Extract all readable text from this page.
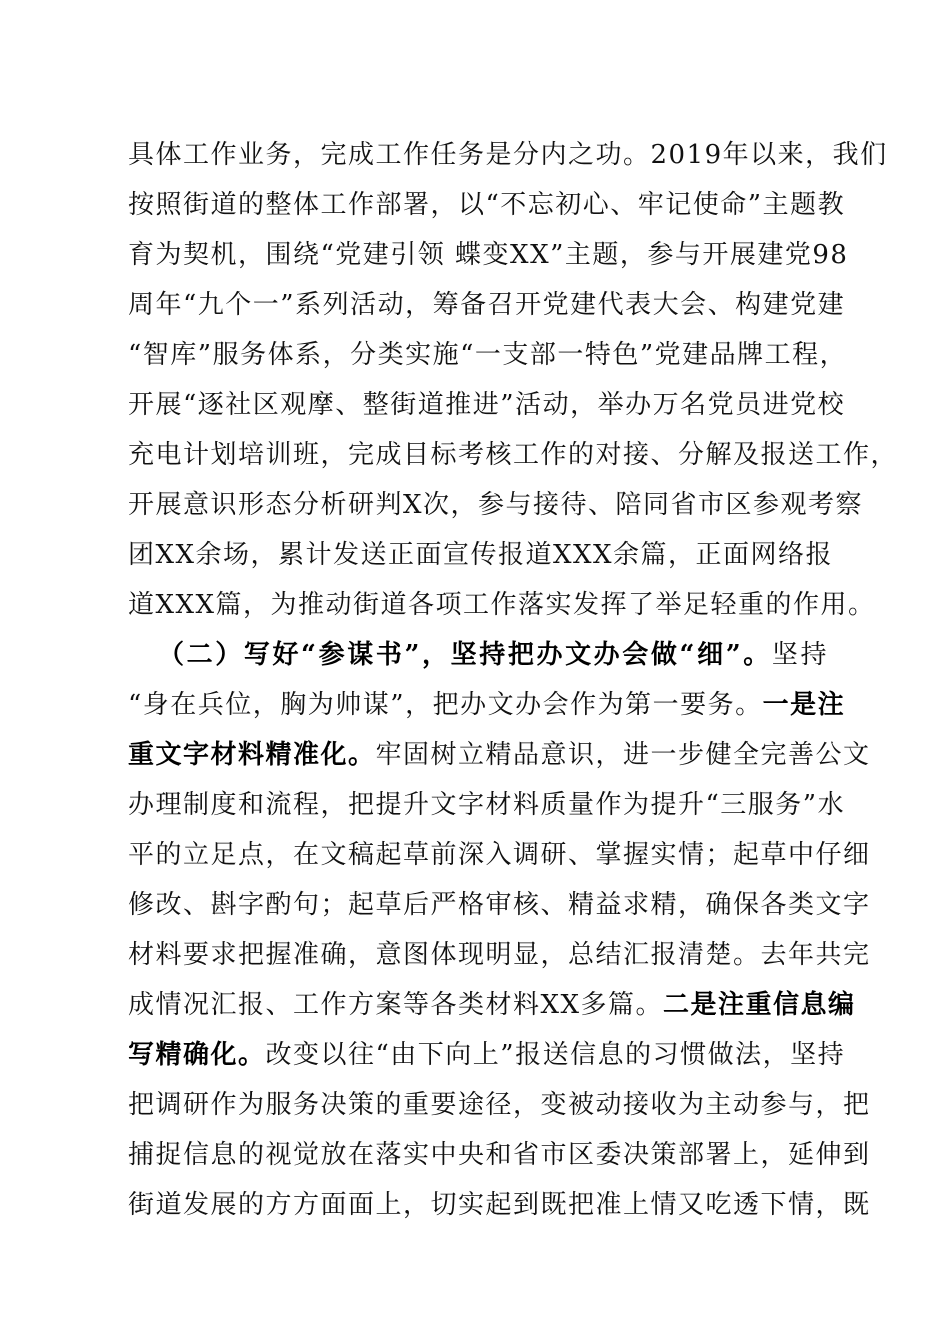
具体工作业务，完成工作任务是分内之功。2019年以来，我们
按照街道的整体工作部署，以“不忘初心、牢记使命”主题教
育为契机，围绕“党建引领 蝶变XX”主题，参与开展建党98
周年“九个一”系列活动，筹备召开党建代表大会、构建党建
“智库”服务体系，分类实施“一支部一特色”党建品牌工程，
开展“逐社区观摩、整街道推进”活动，举办万名党员进党校
充电计划培训班，完成目标考核工作的对接、分解及报送工作，
开展意识形态分析研判X次，参与接待、陪同省市区参观考察
团XX余场，累计发送正面宣传报道XXX余篇，正面网络报
道XXX篇，为推动街道各项工作落实发挥了举足轻重的作用。
（二）写好“参谋书”，坚持把办文办会做“细”。坚持
“身在兵位，胸为帅谋”，把办文办会作为第一要务。一是注
重文字材料精准化。牢固树立精品意识，进一步健全完善公文
办理制度和流程，把提升文字材料质量作为提升“三服务”水
平的立足点，在文稿起草前深入调研、掌握实情；起草中仔细
修改、斟字酌句；起草后严格审核、精益求精，确保各类文字
材料要求把握准确，意图体现明显，总结汇报清楚。去年共完
成情况汇报、工作方案等各类材料XX多篇。二是注重信息编
写精确化。改变以往“由下向上”报送信息的习惯做法，坚持
把调研作为服务决策的重要途径，变被动接收为主动参与，把
捕捉信息的视觉放在落实中央和省市区委决策部署上，延伸到
街道发展的方方面面上，切实起到既把准上情又吃透下情，既
